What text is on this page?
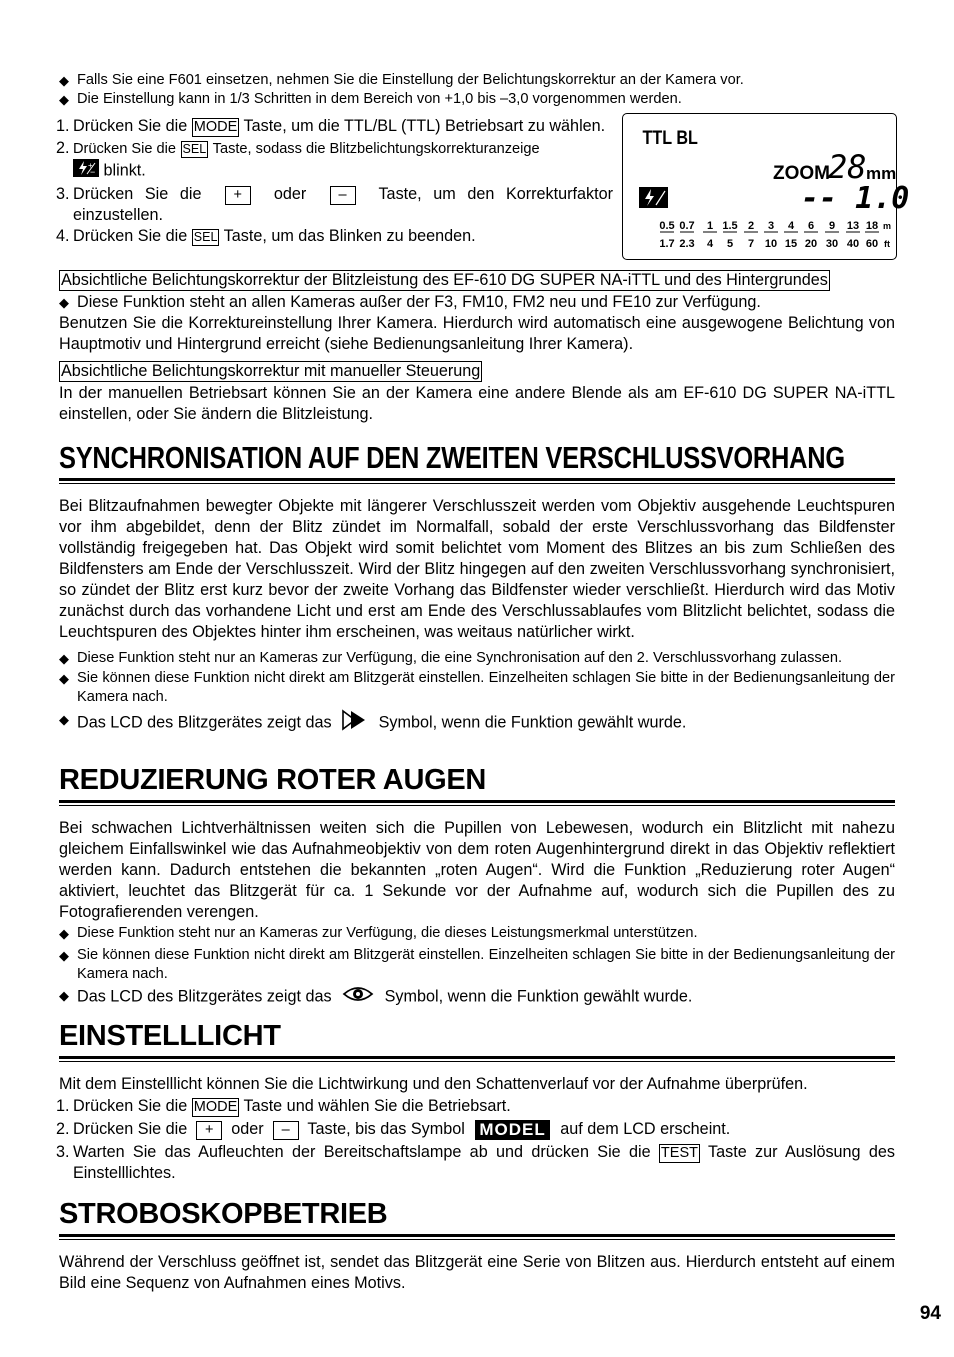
◆ Falls Sie eine F601 einsetzen, nehmen Sie die Einstellung der Belichtungskorrektur an der Kamera vor.

◆ Die Einstellung kann in 1/3 Schritten in dem Bereich von +1,0 bis –3,0 vorgenommen werden.

1. Drücken Sie die MODE Taste, um die TTL/BL (TTL) Betriebsart zu wählen.

2. Drücken Sie die SEL Taste, sodass die Blitzbelichtungskorrekturanzeige

+
− blinkt.

3. Drücken Sie die + oder – Taste, um den Korrekturfaktor einzustellen.

4. Drücken Sie die SEL Taste, um das Blinken zu beenden.

TTL BL
ZOOM
28 mm
-- 1.0
0.5 0.7 1 1.5 2 3 4 6 9 13 18 m
1.7 2.3 4 5 7 10 15 20 30 40 60 ft
Absichtliche Belichtungskorrektur der Blitzleistung des EF-610 DG SUPER NA-iTTL und des Hintergrundes

◆ Diese Funktion steht an allen Kameras außer der F3, FM10, FM2 neu und FE10 zur Verfügung.

Benutzen Sie die Korrektureinstellung Ihrer Kamera. Hierdurch wird automatisch eine ausgewogene Belichtung von Hauptmotiv und Hintergrund erreicht (siehe Bedienungsanleitung Ihrer Kamera).

Absichtliche Belichtungskorrektur mit manueller Steuerung

In der manuellen Betriebsart können Sie an der Kamera eine andere Blende als am EF-610 DG SUPER NA-iTTL einstellen, oder Sie ändern die Blitzleistung.

SYNCHRONISATION AUF DEN ZWEITEN VERSCHLUSSVORHANG

Bei Blitzaufnahmen bewegter Objekte mit längerer Verschlusszeit werden vom Objektiv ausgehende Leuchtspuren vor ihm abgebildet, denn der Blitz zündet im Normalfall, sobald der erste Verschlussvorhang das Bildfenster vollständig freigegeben hat. Das Objekt wird somit belichtet vom Moment des Blitzes an bis zum Schließen des Bildfensters am Ende der Verschlusszeit. Wird der Blitz hingegen auf den zweiten Verschlussvorhang synchronisiert, so zündet der Blitz erst kurz bevor der zweite Vorhang das Bildfenster wieder verschließt. Hierdurch wird das Motiv zunächst durch das vorhandene Licht und erst am Ende des Verschlussablaufes vom Blitzlicht belichtet, sodass die Leuchtspuren des Objektes hinter ihm erscheinen, was weitaus natürlicher wirkt.

◆ Diese Funktion steht nur an Kameras zur Verfügung, die eine Synchronisation auf den 2. Verschlussvorhang zulassen.

◆ Sie können diese Funktion nicht direkt am Blitzgerät einstellen. Einzelheiten schlagen Sie bitte in der Bedienungsanleitung der Kamera nach.

◆ Das LCD des Blitzgerätes zeigt das	Symbol, wenn die Funktion gewählt wurde.

REDUZIERUNG ROTER AUGEN

Bei schwachen Lichtverhältnissen weiten sich die Pupillen von Lebewesen, wodurch ein Blitzlicht mit nahezu gleichem Einfallswinkel wie das Aufnahmeobjektiv von dem roten Augenhintergrund direkt in das Objektiv reflektiert werden kann. Dadurch entstehen die bekannten „roten Augen“. Wird die Funktion „Reduzierung roter Augen“ aktiviert, leuchtet das Blitzgerät für ca. 1 Sekunde vor der Aufnahme auf, wodurch sich die Pupillen des zu Fotografierenden verengen.

◆ Diese Funktion steht nur an Kameras zur Verfügung, die dieses Leistungsmerkmal unterstützen.

◆ Sie können diese Funktion nicht direkt am Blitzgerät einstellen. Einzelheiten schlagen Sie bitte in der Bedienungsanleitung der Kamera nach.

◆ Das LCD des Blitzgerätes zeigt das	Symbol, wenn die Funktion gewählt wurde.

EINSTELLLICHT

Mit dem Einstelllicht können Sie die Lichtwirkung und den Schattenverlauf vor der Aufnahme überprüfen.

1. Drücken Sie die MODE Taste und wählen Sie die Betriebsart.

2. Drücken Sie die + oder – Taste, bis das Symbol MODEL auf dem LCD erscheint.

3. Warten Sie das Aufleuchten der Bereitschaftslampe ab und drücken Sie die TEST Taste zur Auslösung des Einstelllichtes.

STROBOSKOPBETRIEB

Während der Verschluss geöffnet ist, sendet das Blitzgerät eine Serie von Blitzen aus. Hierdurch entsteht auf einem Bild eine Sequenz von Aufnahmen eines Motivs.

94
